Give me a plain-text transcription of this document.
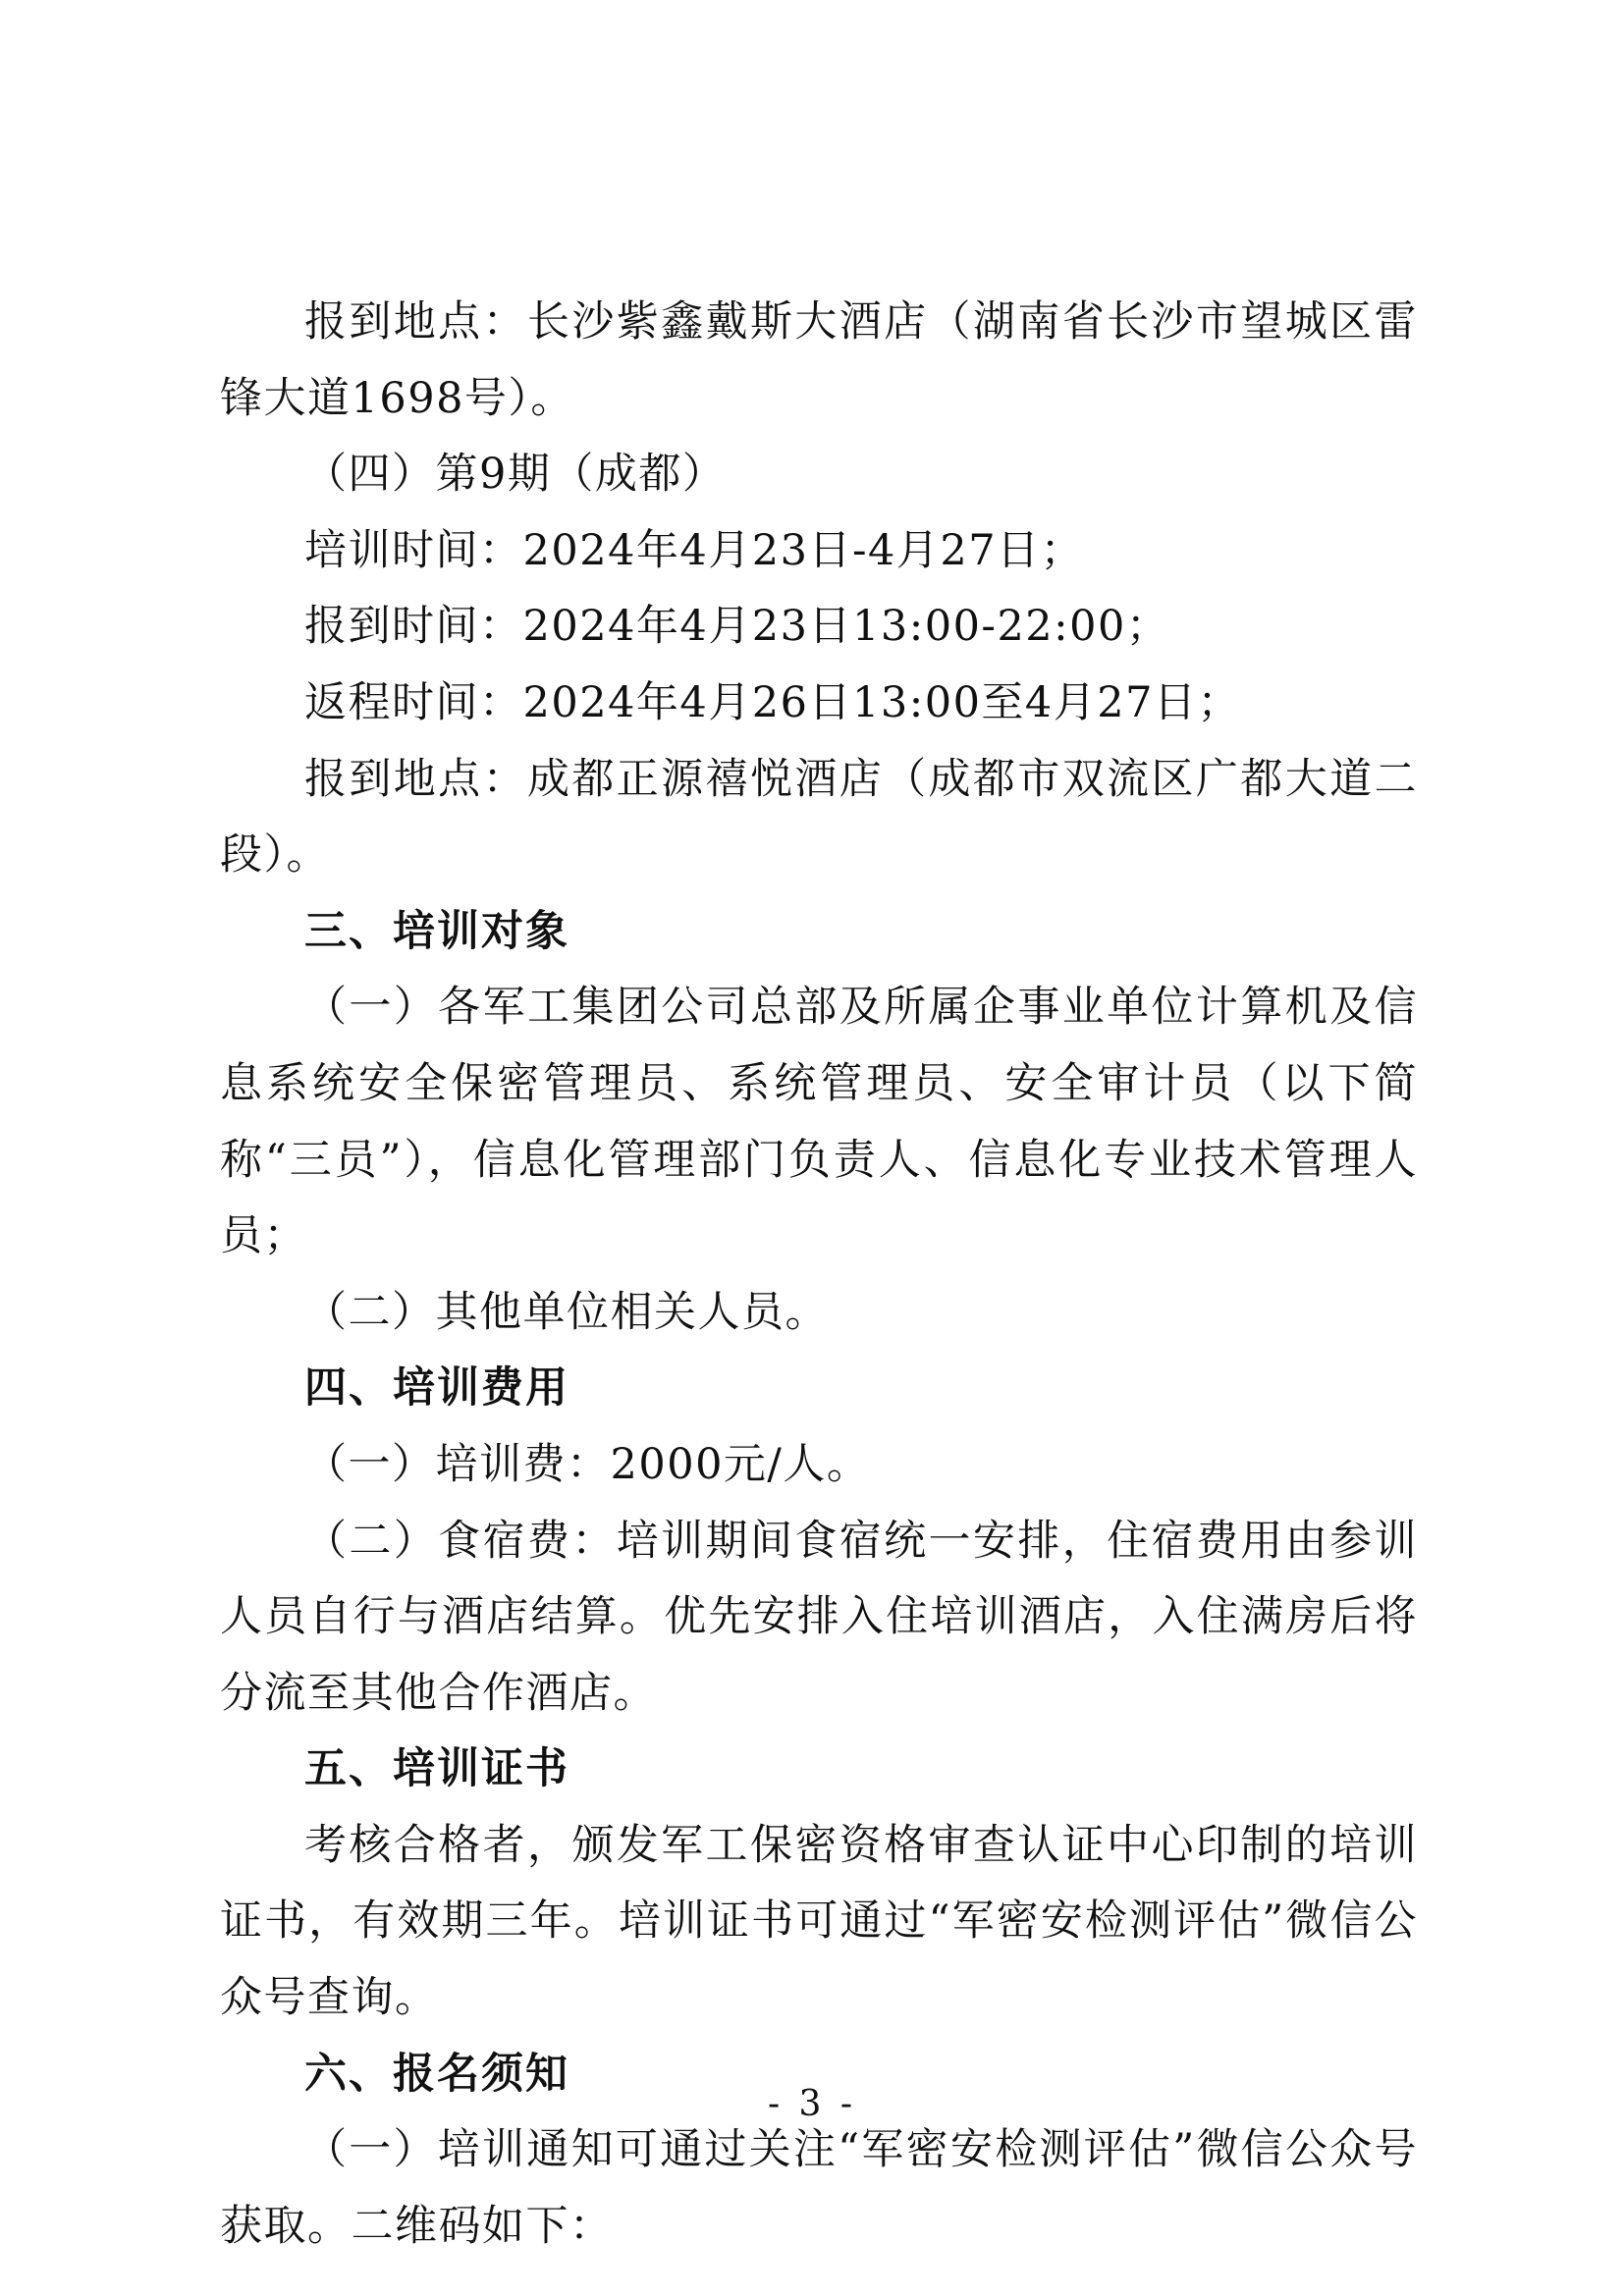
报到地点：长沙紫鑫戴斯大酒店（湖南省长沙市望城区雷锋大道1698号）。

（四）第9期（成都）

培训时间：2024年4月23日-4月27日；

报到时间：2024年4月23日13:00-22:00；

返程时间：2024年4月26日13:00至4月27日；

报到地点：成都正源禧悦酒店（成都市双流区广都大道二段）。

三、培训对象

（一）各军工集团公司总部及所属企事业单位计算机及信息系统安全保密管理员、系统管理员、安全审计员（以下简称“三员”），信息化管理部门负责人、信息化专业技术管理人员；

（二）其他单位相关人员。

四、培训费用

（一）培训费：2000元/人。

（二）食宿费：培训期间食宿统一安排，住宿费用由参训人员自行与酒店结算。优先安排入住培训酒店，入住满房后将分流至其他合作酒店。

五、培训证书

考核合格者，颁发军工保密资格审查认证中心印制的培训证书，有效期三年。培训证书可通过“军密安检测评估”微信公众号查询。

六、报名须知

（一）培训通知可通过关注“军密安检测评估”微信公众号获取。二维码如下：

- 3 -
